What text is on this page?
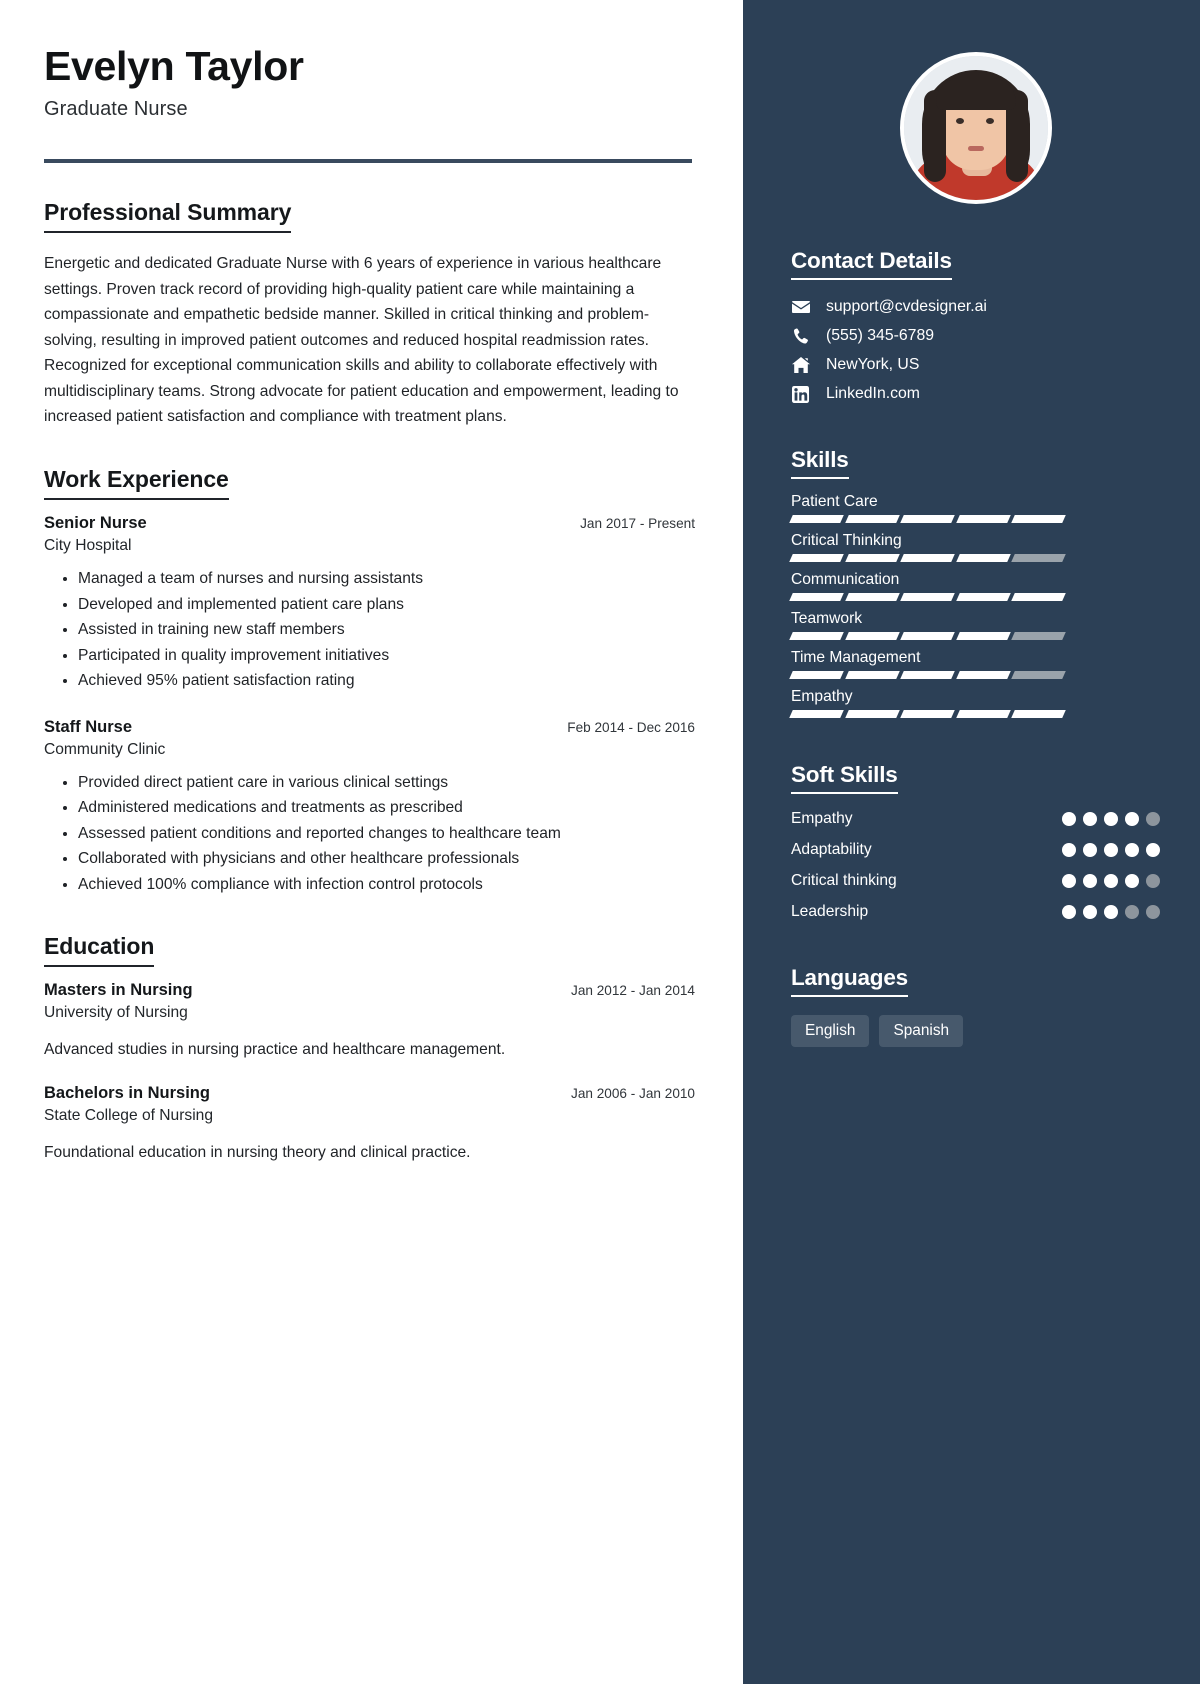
Evelyn Taylor
Graduate Nurse
Professional Summary

Energetic and dedicated Graduate Nurse with 6 years of experience in various healthcare settings. Proven track record of providing high-quality patient care while maintaining a compassionate and empathetic bedside manner. Skilled in critical thinking and problem-solving, resulting in improved patient outcomes and reduced hospital readmission rates. Recognized for exceptional communication skills and ability to collaborate effectively with multidisciplinary teams. Strong advocate for patient education and empowerment, leading to increased patient satisfaction and compliance with treatment plans.

Work Experience
Senior Nurse	Jan 2017 - Present
City Hospital
• Managed a team of nurses and nursing assistants
• Developed and implemented patient care plans
• Assisted in training new staff members
• Participated in quality improvement initiatives
• Achieved 95% patient satisfaction rating
Staff Nurse	Feb 2014 - Dec 2016
Community Clinic
• Provided direct patient care in various clinical settings
• Administered medications and treatments as prescribed
• Assessed patient conditions and reported changes to healthcare team
• Collaborated with physicians and other healthcare professionals
• Achieved 100% compliance with infection control protocols
Education
Masters in Nursing	Jan 2012 - Jan 2014
University of Nursing
Advanced studies in nursing practice and healthcare management.
Bachelors in Nursing	Jan 2006 - Jan 2010
State College of Nursing
Foundational education in nursing theory and clinical practice.
Contact Details
support@cvdesigner.ai
(555) 345-6789
NewYork, US
LinkedIn.com
Skills
Patient Care
Critical Thinking
Communication
Teamwork
Time Management
Empathy
Soft Skills
Empathy
Adaptability
Critical thinking
Leadership
Languages
English	Spanish
